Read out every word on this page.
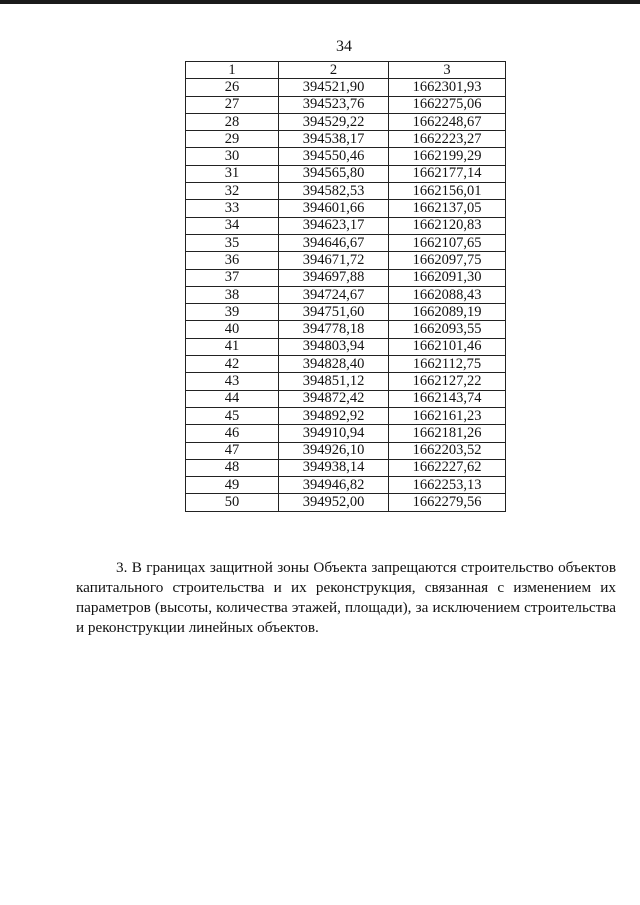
34
1	2	3
26	394521,90	1662301,93
27	394523,76	1662275,06
28	394529,22	1662248,67
29	394538,17	1662223,27
30	394550,46	1662199,29
31	394565,80	1662177,14
32	394582,53	1662156,01
33	394601,66	1662137,05
34	394623,17	1662120,83
35	394646,67	1662107,65
36	394671,72	1662097,75
37	394697,88	1662091,30
38	394724,67	1662088,43
39	394751,60	1662089,19
40	394778,18	1662093,55
41	394803,94	1662101,46
42	394828,40	1662112,75
43	394851,12	1662127,22
44	394872,42	1662143,74
45	394892,92	1662161,23
46	394910,94	1662181,26
47	394926,10	1662203,52
48	394938,14	1662227,62
49	394946,82	1662253,13
50	394952,00	1662279,56

3. В границах защитной зоны Объекта запрещаются строительство объектов капитального строительства и их реконструкция, связанная с изменением их параметров (высоты, количества этажей, площади), за исключением строительства и реконструкции линейных объектов.
